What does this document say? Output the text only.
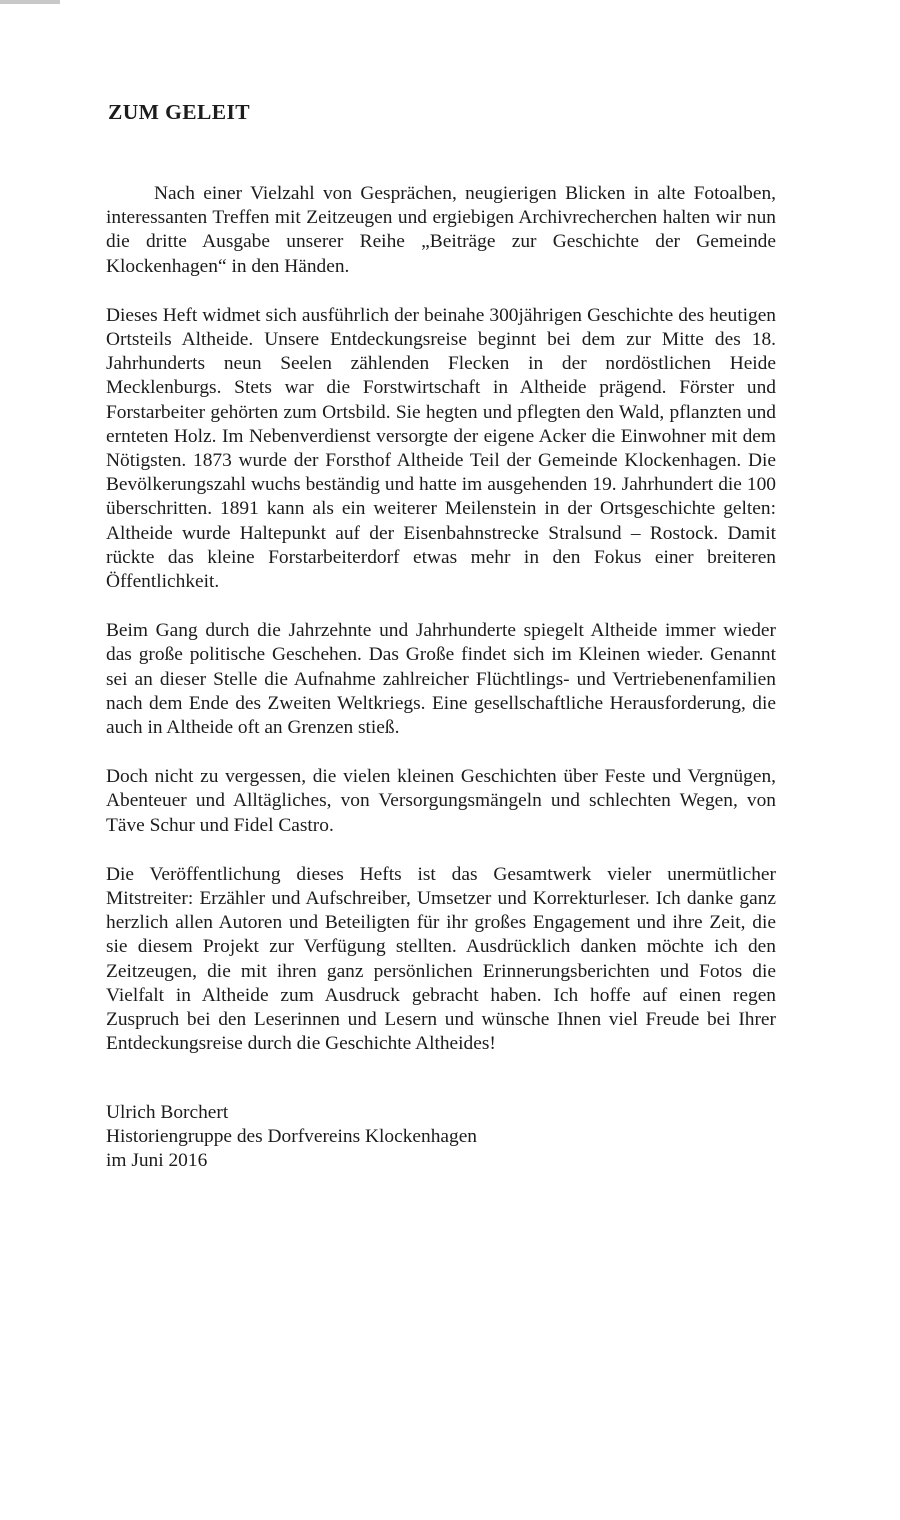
ZUM GELEIT

Nach einer Vielzahl von Gesprächen, neugierigen Blicken in alte Fotoalben, interessanten Treffen mit Zeitzeugen und ergiebigen Archivrecherchen halten wir nun die dritte Ausgabe unserer Reihe „Beiträge zur Geschichte der Gemeinde Klockenhagen“ in den Händen.

Dieses Heft widmet sich ausführlich der beinahe 300jährigen Geschichte des heutigen Ortsteils Altheide. Unsere Entdeckungsreise beginnt bei dem zur Mitte des 18. Jahrhunderts neun Seelen zählenden Flecken in der nordöstlichen Heide Mecklenburgs. Stets war die Forstwirtschaft in Altheide prägend. Förster und Forstarbeiter gehörten zum Ortsbild. Sie hegten und pflegten den Wald, pflanzten und ernteten Holz. Im Nebenverdienst versorgte der eigene Acker die Einwohner mit dem Nötigsten. 1873 wurde der Forsthof Altheide Teil der Gemeinde Klockenhagen. Die Bevölkerungszahl wuchs beständig und hatte im ausgehenden 19. Jahrhundert die 100 überschritten. 1891 kann als ein weiterer Meilenstein in der Ortsgeschichte gelten: Altheide wurde Haltepunkt auf der Eisenbahnstrecke Stralsund – Rostock. Damit rückte das kleine Forstarbeiterdorf etwas mehr in den Fokus einer breiteren Öffentlichkeit.

Beim Gang durch die Jahrzehnte und Jahrhunderte spiegelt Altheide immer wieder das große politische Geschehen. Das Große findet sich im Kleinen wieder. Genannt sei an dieser Stelle die Aufnahme zahlreicher Flüchtlings- und Vertriebenenfamilien nach dem Ende des Zweiten Weltkriegs. Eine gesellschaftliche Herausforderung, die auch in Altheide oft an Grenzen stieß.

Doch nicht zu vergessen, die vielen kleinen Geschichten über Feste und Vergnügen, Abenteuer und Alltägliches, von Versorgungsmängeln und schlechten Wegen, von Täve Schur und Fidel Castro.

Die Veröffentlichung dieses Hefts ist das Gesamtwerk vieler unermütlicher Mitstreiter: Erzähler und Aufschreiber, Umsetzer und Korrekturleser. Ich danke ganz herzlich allen Autoren und Beteiligten für ihr großes Engagement und ihre Zeit, die sie diesem Projekt zur Verfügung stellten. Ausdrücklich danken möchte ich den Zeitzeugen, die mit ihren ganz persönlichen Erinnerungsberichten und Fotos die Vielfalt in Altheide zum Ausdruck gebracht haben. Ich hoffe auf einen regen Zuspruch bei den Leserinnen und Lesern und wünsche Ihnen viel Freude bei Ihrer Entdeckungsreise durch die Geschichte Altheides!

Ulrich Borchert
Historiengruppe des Dorfvereins Klockenhagen
im Juni 2016
